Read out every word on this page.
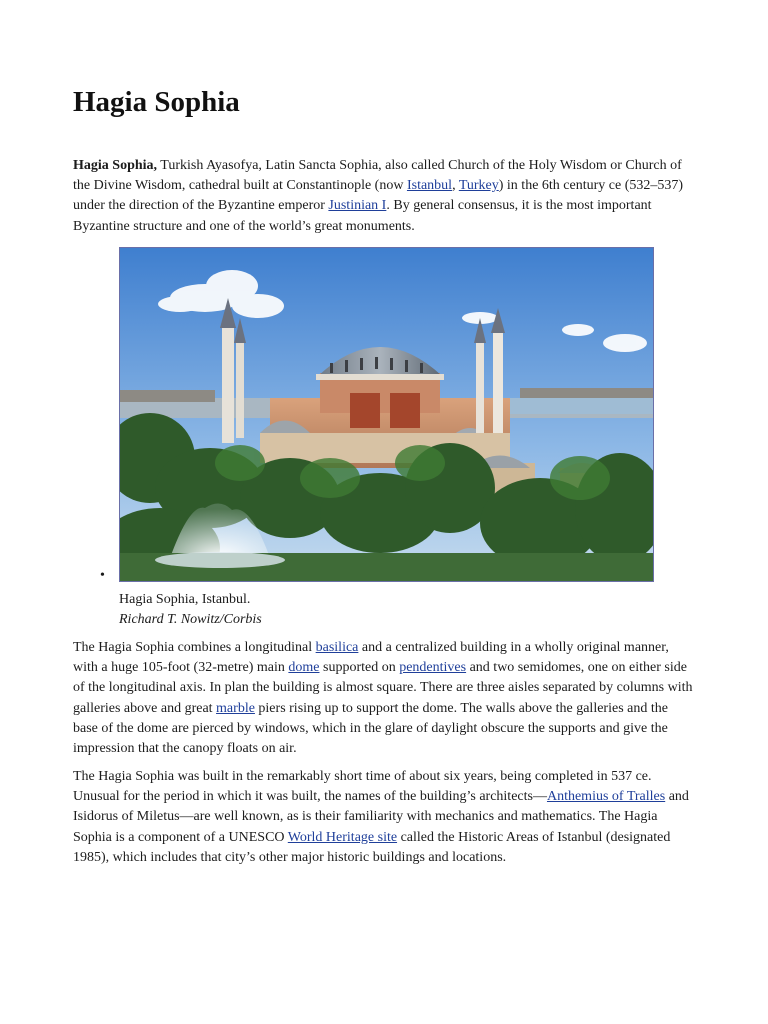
Hagia Sophia

Hagia Sophia, Turkish Ayasofya, Latin Sancta Sophia, also called Church of the Holy Wisdom or Church of the Divine Wisdom, cathedral built at Constantinople (now Istanbul, Turkey) in the 6th century ce (532–537) under the direction of the Byzantine emperor Justinian I. By general consensus, it is the most important Byzantine structure and one of the world’s great monuments.

•
Hagia Sophia, Istanbul.
Richard T. Nowitz/Corbis

The Hagia Sophia combines a longitudinal basilica and a centralized building in a wholly original manner, with a huge 105-foot (32-metre) main dome supported on pendentives and two semidomes, one on either side of the longitudinal axis. In plan the building is almost square. There are three aisles separated by columns with galleries above and great marble piers rising up to support the dome. The walls above the galleries and the base of the dome are pierced by windows, which in the glare of daylight obscure the supports and give the impression that the canopy floats on air.

The Hagia Sophia was built in the remarkably short time of about six years, being completed in 537 ce. Unusual for the period in which it was built, the names of the building’s architects—Anthemius of Tralles and Isidorus of Miletus—are well known, as is their familiarity with mechanics and mathematics. The Hagia Sophia is a component of a UNESCO World Heritage site called the Historic Areas of Istanbul (designated 1985), which includes that city’s other major historic buildings and locations.
